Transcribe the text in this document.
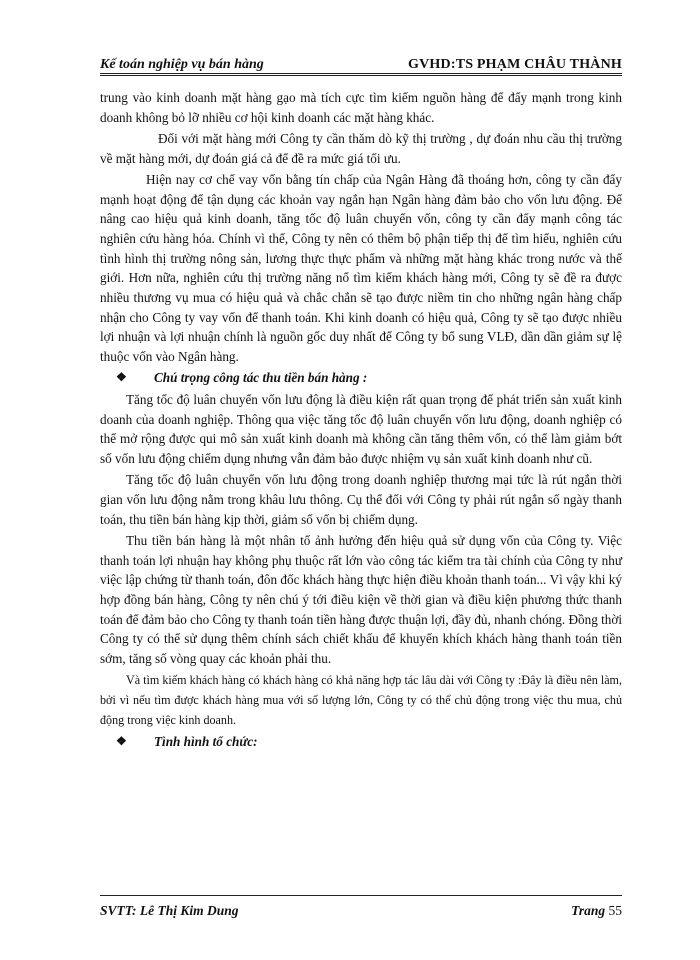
Kế toán nghiệp vụ bán hàng	GVHD:TS PHẠM CHÂU THÀNH

trung vào kinh doanh mặt hàng gạo mà tích cực tìm kiếm nguồn hàng để đẩy mạnh trong kinh doanh không bỏ lỡ nhiều cơ hội kinh doanh các mặt hàng khác.

Đối với mặt hàng mới Công ty cần thăm dò kỹ thị trường , dự đoán nhu cầu thị trường về mặt hàng mới, dự đoán giá cả để đề ra mức giá tối ưu.

Hiện nay cơ chế vay vốn bằng tín chấp của Ngân Hàng đã thoáng hơn, công ty cần đẩy mạnh hoạt động để tận dụng các khoản vay ngắn hạn Ngân hàng đảm bảo cho vốn lưu động. Để nâng cao hiệu quả kinh doanh, tăng tốc độ luân chuyển vốn, công ty cần đẩy mạnh công tác nghiên cứu hàng hóa. Chính vì thế, Công ty nên có thêm bộ phận tiếp thị để tìm hiểu, nghiên cứu tình hình thị trường nông sản, lương thực thực phẩm và những mặt hàng khác trong nước và thế giới. Hơn nữa, nghiên cứu thị trường năng nổ tìm kiếm khách hàng mới, Công ty sẽ đề ra được nhiều thương vụ mua có hiệu quả và chắc chắn sẽ tạo được niềm tin cho những ngân hàng chấp nhận cho Công ty vay vốn để thanh toán. Khi kinh doanh có hiệu quả, Công ty sẽ tạo được nhiều lợi nhuận và lợi nhuận chính là nguồn gốc duy nhất để Công ty bổ sung VLĐ, dần dần giảm sự lệ thuộc vốn vào Ngân hàng.

❖	Chú trọng công tác thu tiền bán hàng :

Tăng tốc độ luân chuyển vốn lưu động là điều kiện rất quan trọng để phát triển sản xuất kinh doanh của doanh nghiệp. Thông qua việc tăng tốc độ luân chuyển vốn lưu động, doanh nghiệp có thể mở rộng được qui mô sản xuất kinh doanh mà không cần tăng thêm vốn, có thể làm giảm bớt số vốn lưu động chiếm dụng nhưng vẫn đảm bảo được nhiệm vụ sản xuất kinh doanh như cũ.

Tăng tốc độ luân chuyển vốn lưu động trong doanh nghiệp thương mại tức là rút ngắn thời gian vốn lưu động nằm trong khâu lưu thông. Cụ thể đối với Công ty phải rút ngắn số ngày thanh toán, thu tiền bán hàng kịp thời, giảm số vốn bị chiếm dụng.

Thu tiền bán hàng là một nhân tố ảnh hưởng đến hiệu quả sử dụng vốn của Công ty. Việc thanh toán lợi nhuận hay không phụ thuộc rất lớn vào công tác kiểm tra tài chính của Công ty như việc lập chứng từ thanh toán, đôn đốc khách hàng thực hiện điều khoản thanh toán... Vì vậy khi ký hợp đồng bán hàng, Công ty nên chú ý tới điều kiện về thời gian và điều kiện phương thức thanh toán để đảm bảo cho Công ty thanh toán tiền hàng được thuận lợi, đầy đủ, nhanh chóng. Đồng thời Công ty có thể sử dụng thêm chính sách chiết khấu để khuyến khích khách hàng thanh toán tiền sớm, tăng số vòng quay các khoản phải thu.

Và tìm kiếm khách hàng có khách hàng có khả năng hợp tác lâu dài với Công ty :Đây là điều nên làm, bởi vì nếu tìm được khách hàng mua với số lượng lớn, Công ty có thể chủ động trong việc thu mua, chủ động trong việc kinh doanh.

❖	Tình hình tổ chức:
SVTT: Lê Thị Kim Dung	Trang 55
